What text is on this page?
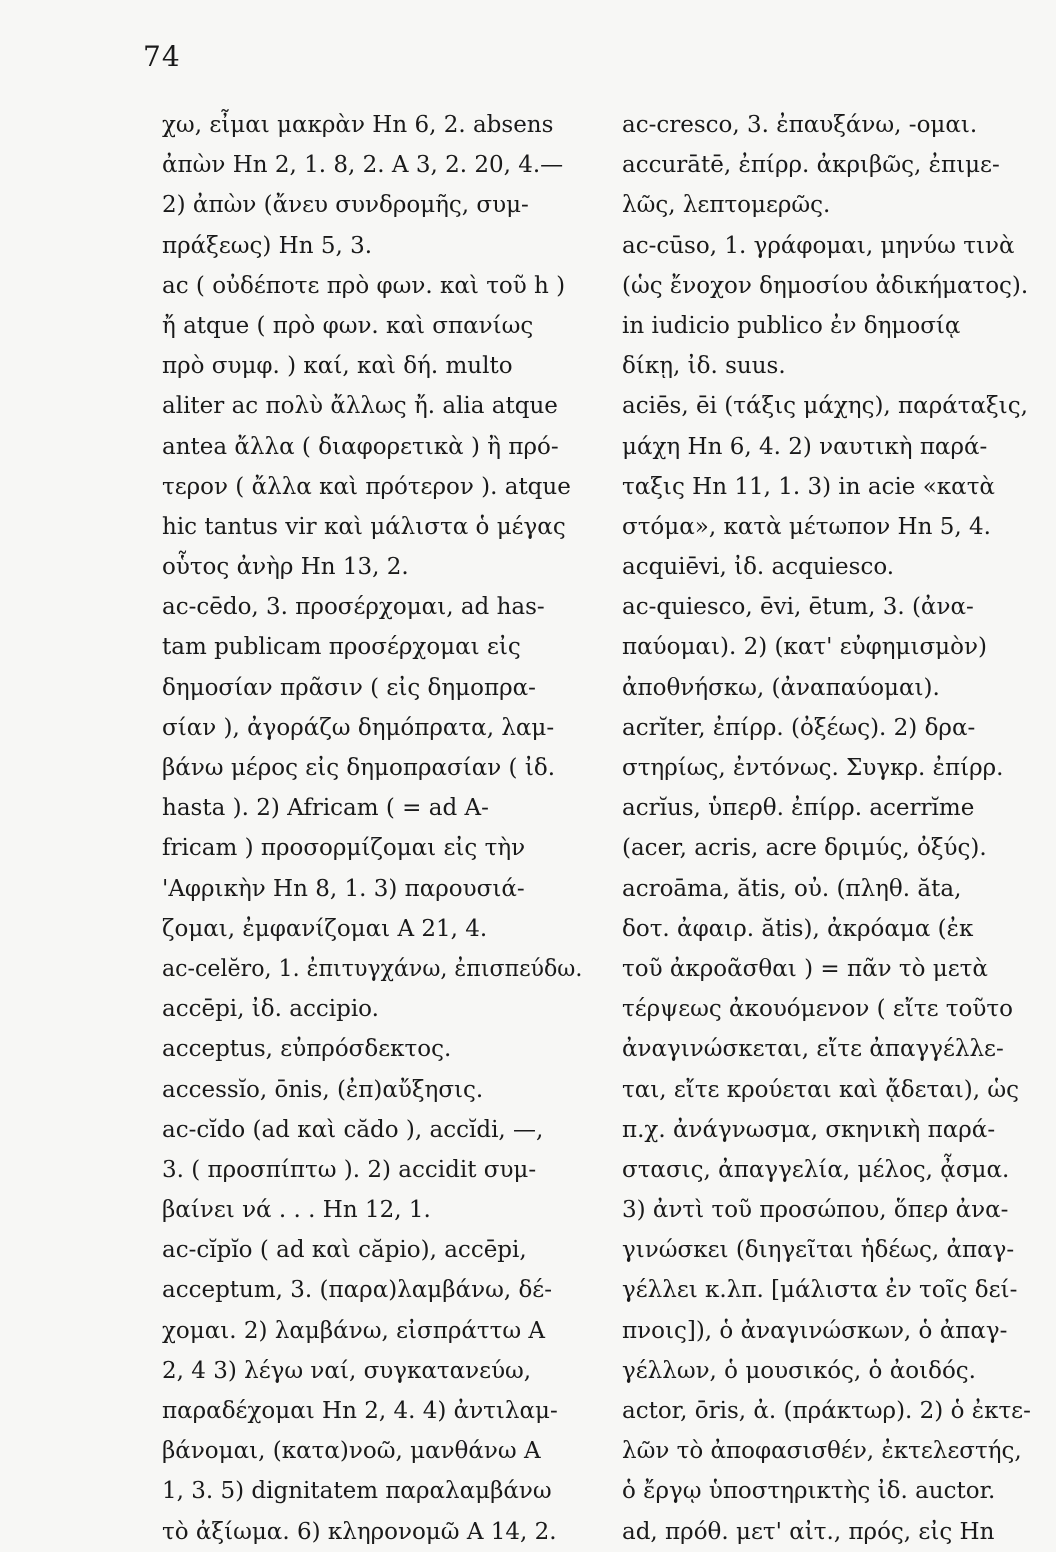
74
χω, εἶμαι μακρὰν Hn 6, 2. absens
ἀπὼν Hn 2, 1. 8, 2. A 3, 2. 20, 4.—
2) ἀπὼν (ἄνευ συνδρομῆς, συμ-
πράξεως) Hn 5, 3.
ac ( οὐδέποτε πρὸ φων. καὶ τοῦ h )
ἤ atque ( πρὸ φων. καὶ σπανίως
πρὸ συμφ. ) καί, καὶ δή. multo
aliter ac πολὺ ἄλλως ἤ. alia atque
antea ἄλλα ( διαφορετικὰ ) ἢ πρό-
τερον ( ἄλλα καὶ πρότερον ). atque
hic tantus vir καὶ μάλιστα ὁ μέγας
οὗτος ἀνὴρ Hn 13, 2.
ac-cēdo, 3. προσέρχομαι, ad has-
tam publicam προσέρχομαι εἰς
δημοσίαν πρᾶσιν ( εἰς δημοπρα-
σίαν ), ἀγοράζω δημόπρατα, λαμ-
βάνω μέρος εἰς δημοπρασίαν ( ἰδ.
hasta ). 2) Africam ( = ad A-
fricam ) προσορμίζομαι εἰς τὴν
'Αφρικὴν Hn 8, 1. 3) παρουσιά-
ζομαι, ἐμφανίζομαι A 21, 4.
ac-celĕro, 1. ἐπιτυγχάνω, ἐπισπεύδω.
accēpi, ἰδ. accipio.
acceptus, εὐπρόσδεκτος.
accessĭo, ōnis, (ἐπ)αὔξησις.
ac-cĭdo (ad καὶ cădo ), accĭdi, —,
3. ( προσπίπτω ). 2) accidit συμ-
βαίνει νά . . . Hn 12, 1.
ac-cĭpĭo ( ad καὶ căpio), accēpi,
acceptum, 3. (παρα)λαμβάνω, δέ-
χομαι. 2) λαμβάνω, εἰσπράττω A
2, 4 3) λέγω ναί, συγκατανεύω,
παραδέχομαι Hn 2, 4. 4) ἀντιλαμ-
βάνομαι, (κατα)νοῶ, μανθάνω A
1, 3. 5) dignitatem παραλαμβάνω
τὸ ἀξίωμα. 6) κληρονομῶ A 14, 2.
ac-cresco, 3. ἐπαυξάνω, -ομαι.
accurātē, ἐπίρρ. ἀκριβῶς, ἐπιμε-
λῶς, λεπτομερῶς.
ac-cūso, 1. γράφομαι, μηνύω τινὰ
(ὡς ἔνοχον δημοσίου ἀδικήματος).
in iudicio publico ἐν δημοσίᾳ
δίκῃ, ἰδ. suus.
aciēs, ēi (τάξις μάχης), παράταξις,
μάχη Hn 6, 4. 2) ναυτικὴ παρά-
ταξις Hn 11, 1. 3) in acie «κατὰ
στόμα», κατὰ μέτωπον Hn 5, 4.
acquiēvi, ἰδ. acquiesco.
ac-quiesco, ēvi, ētum, 3. (ἀνα-
παύομαι). 2) (κατ' εὐφημισμὸν)
ἀποθνήσκω, (ἀναπαύομαι).
acrĭter, ἐπίρρ. (ὀξέως). 2) δρα-
στηρίως, ἐντόνως. Συγκρ. ἐπίρρ.
acrĭus, ὑπερθ. ἐπίρρ. acerrĭme
(acer, acris, acre δριμύς, ὀξύς).
acroāma, ătis, οὐ. (πληθ. ăta,
δοτ. ἀφαιρ. ătis), ἀκρόαμα (ἐκ
τοῦ ἀκροᾶσθαι ) = πᾶν τὸ μετὰ
τέρψεως ἀκουόμενον ( εἴτε τοῦτο
ἀναγινώσκεται, εἴτε ἀπαγγέλλε-
ται, εἴτε κρούεται καὶ ᾄδεται), ὡς
π.χ. ἀνάγνωσμα, σκηνικὴ παρά-
στασις, ἀπαγγελία, μέλος, ᾆσμα.
3) ἀντὶ τοῦ προσώπου, ὅπερ ἀνα-
γινώσκει (διηγεῖται ἡδέως, ἀπαγ-
γέλλει κ.λπ. [μάλιστα ἐν τοῖς δεί-
πνοις]), ὁ ἀναγινώσκων, ὁ ἀπαγ-
γέλλων, ὁ μουσικός, ὁ ἀοιδός.
actor, ōris, ἀ. (πράκτωρ). 2) ὁ ἐκτε-
λῶν τὸ ἀποφασισθέν, ἐκτελεστής,
ὁ ἔργῳ ὑποστηρικτὴς ἰδ. auctor.
ad, πρόθ. μετ' αἰτ., πρός, εἰς Hn
